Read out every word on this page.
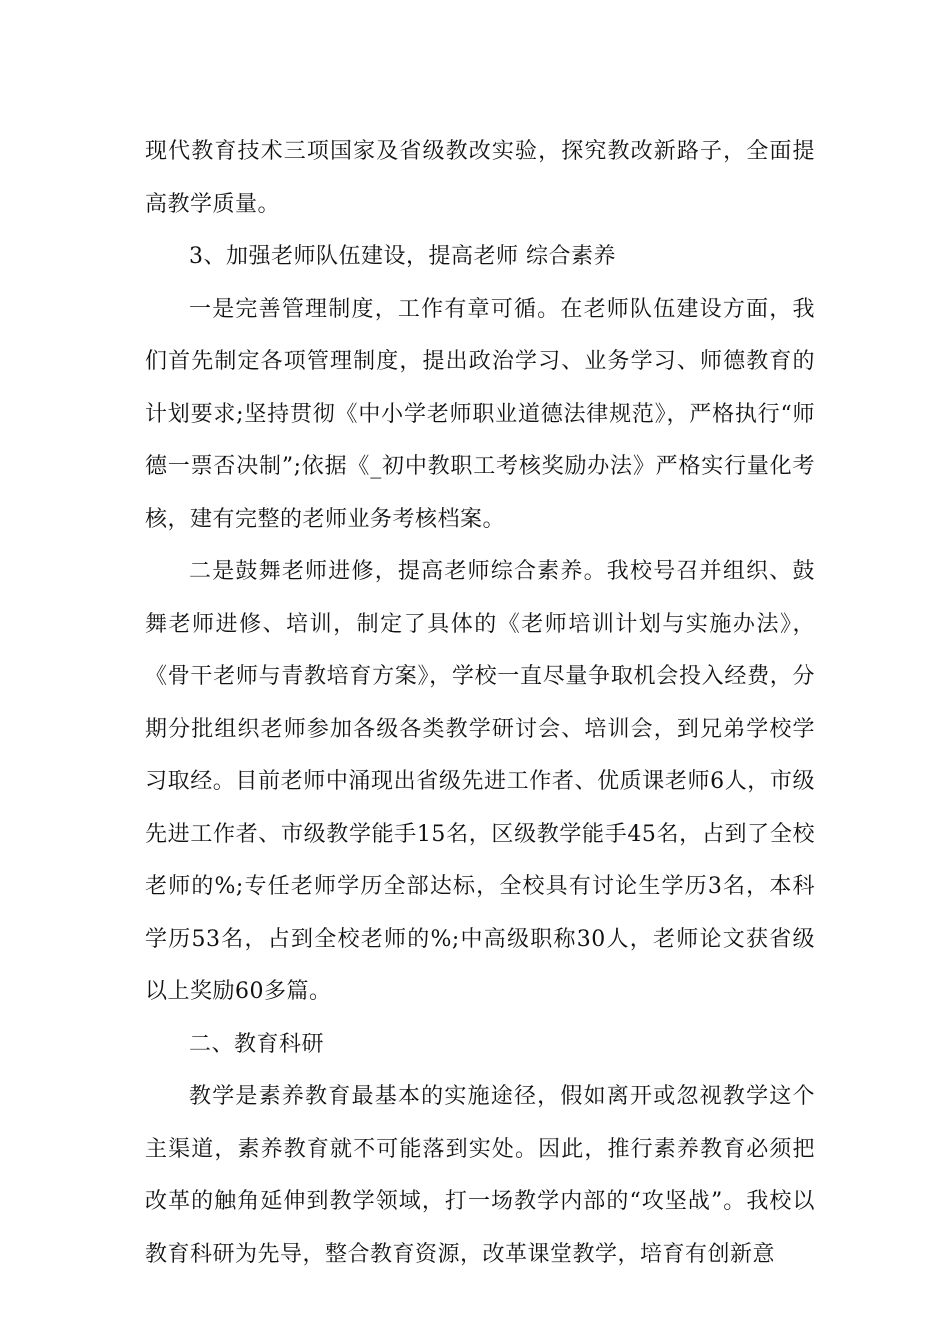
现代教育技术三项国家及省级教改实验，探究教改新路子，全面提高教学质量。

3、加强老师队伍建设，提高老师 综合素养

一是完善管理制度，工作有章可循。在老师队伍建设方面，我们首先制定各项管理制度，提出政治学习、业务学习、师德教育的计划要求;坚持贯彻《中小学老师职业道德法律规范》，严格执行“师德一票否决制”;依据《_初中教职工考核奖励办法》严格实行量化考核，建有完整的老师业务考核档案。

二是鼓舞老师进修，提高老师综合素养。我校号召并组织、鼓舞老师进修、培训，制定了具体的《老师培训计划与实施办法》，《骨干老师与青教培育方案》，学校一直尽量争取机会投入经费，分期分批组织老师参加各级各类教学研讨会、培训会，到兄弟学校学习取经。目前老师中涌现出省级先进工作者、优质课老师6人，市级先进工作者、市级教学能手15名，区级教学能手45名，占到了全校老师的%;专任老师学历全部达标，全校具有讨论生学历3名，本科学历53名，占到全校老师的%;中高级职称30人，老师论文获省级以上奖励60多篇。

二、教育科研

教学是素养教育最基本的实施途径，假如离开或忽视教学这个主渠道，素养教育就不可能落到实处。因此，推行素养教育必须把改革的触角延伸到教学领域，打一场教学内部的“攻坚战”。我校以教育科研为先导，整合教育资源，改革课堂教学，培育有创新意
